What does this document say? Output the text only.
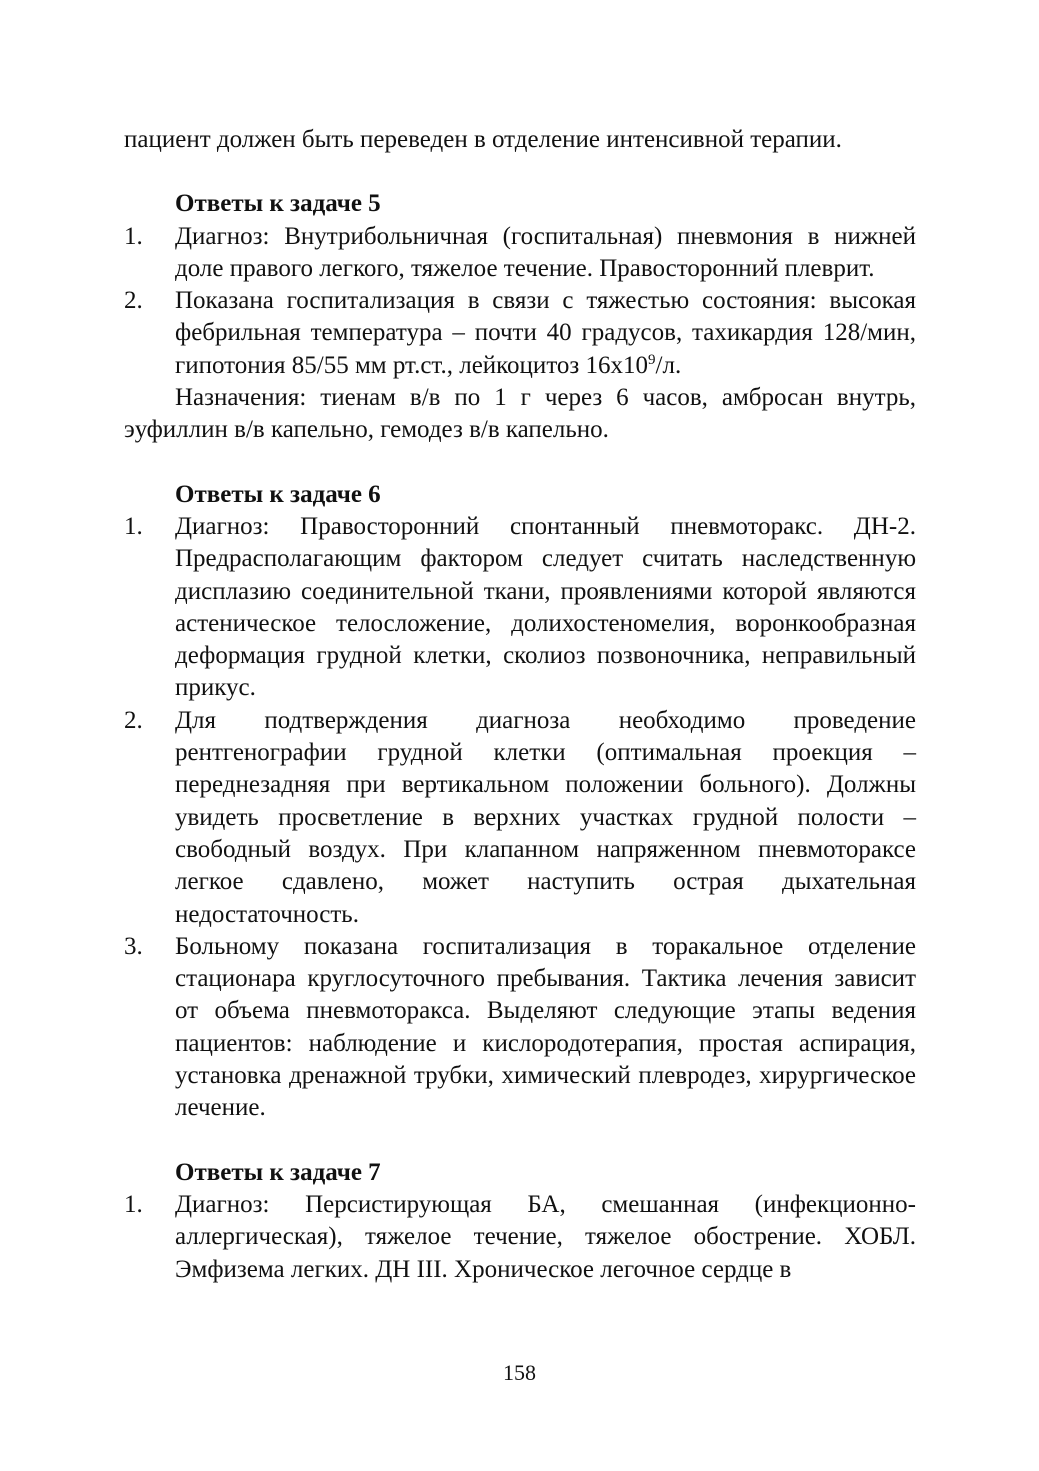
пациент должен быть переведен в отделение интенсивной терапии.

Ответы к задаче 5

1. Диагноз: Внутрибольничная (госпитальная) пневмония в нижней доле правого легкого, тяжелое течение. Правосторонний плеврит.
2. Показана госпитализация в связи с тяжестью состояния: высокая фебрильная температура – почти 40 градусов, тахикардия 128/мин, гипотония 85/55 мм рт.ст., лейкоцитоз $16х10^9/л$.

Назначения: тиенам в/в по 1 г через 6 часов, амбросан внутрь, эуфиллин в/в капельно, гемодез в/в капельно.

Ответы к задаче 6

1. Диагноз: Правосторонний спонтанный пневмоторакс. ДН-2. Предрасполагающим фактором следует считать наследственную дисплазию соединительной ткани, проявлениями которой являются астеническое телосложение, долихостеномелия, воронкообразная деформация грудной клетки, сколиоз позвоночника, неправильный прикус.
2. Для подтверждения диагноза необходимо проведение рентгенографии грудной клетки (оптимальная проекция – переднезадняя при вертикальном положении больного). Должны увидеть просветление в верхних участках грудной полости – свободный воздух. При клапанном напряженном пневмотораксе легкое сдавлено, может наступить острая дыхательная недостаточность.
3. Больному показана госпитализация в торакальное отделение стационара круглосуточного пребывания. Тактика лечения зависит от объема пневмоторакса. Выделяют следующие этапы ведения пациентов: наблюдение и кислородотерапия, простая аспирация, установка дренажной трубки, химический плевродез, хирургическое лечение.

Ответы к задаче 7

1. Диагноз: Персистирующая БА, смешанная (инфекционно-аллергическая), тяжелое течение, тяжелое обострение. ХОБЛ. Эмфизема легких. ДН III. Хроническое легочное сердце в
158
